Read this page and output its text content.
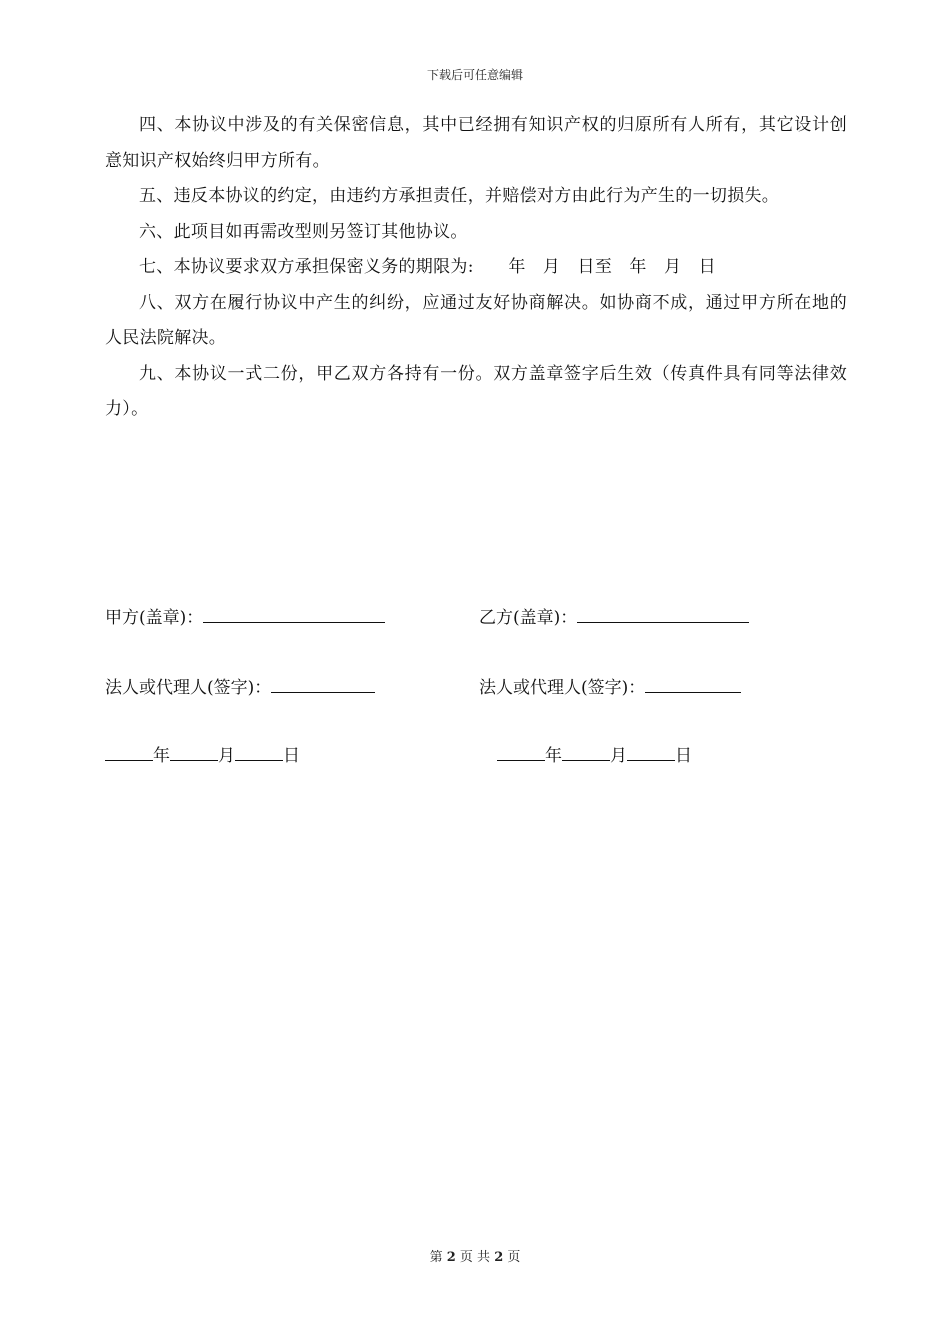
下载后可任意编辑

四、本协议中涉及的有关保密信息，其中已经拥有知识产权的归原所有人所有，其它设计创意知识产权始终归甲方所有。

五、违反本协议的约定，由违约方承担责任，并赔偿对方由此行为产生的一切损失。

六、此项目如再需改型则另签订其他协议。

七、本协议要求双方承担保密义务的期限为:　　年　月　日至　年　月　日

八、双方在履行协议中产生的纠纷，应通过友好协商解决。如协商不成，通过甲方所在地的人民法院解决。

九、本协议一式二份，甲乙双方各持有一份。双方盖章签字后生效（传真件具有同等法律效力）。

甲方(盖章)：	乙方(盖章)：
法人或代理人(签字)：	法人或代理人(签字)：
年	月	日	年	月	日
第 2 页 共 2 页
